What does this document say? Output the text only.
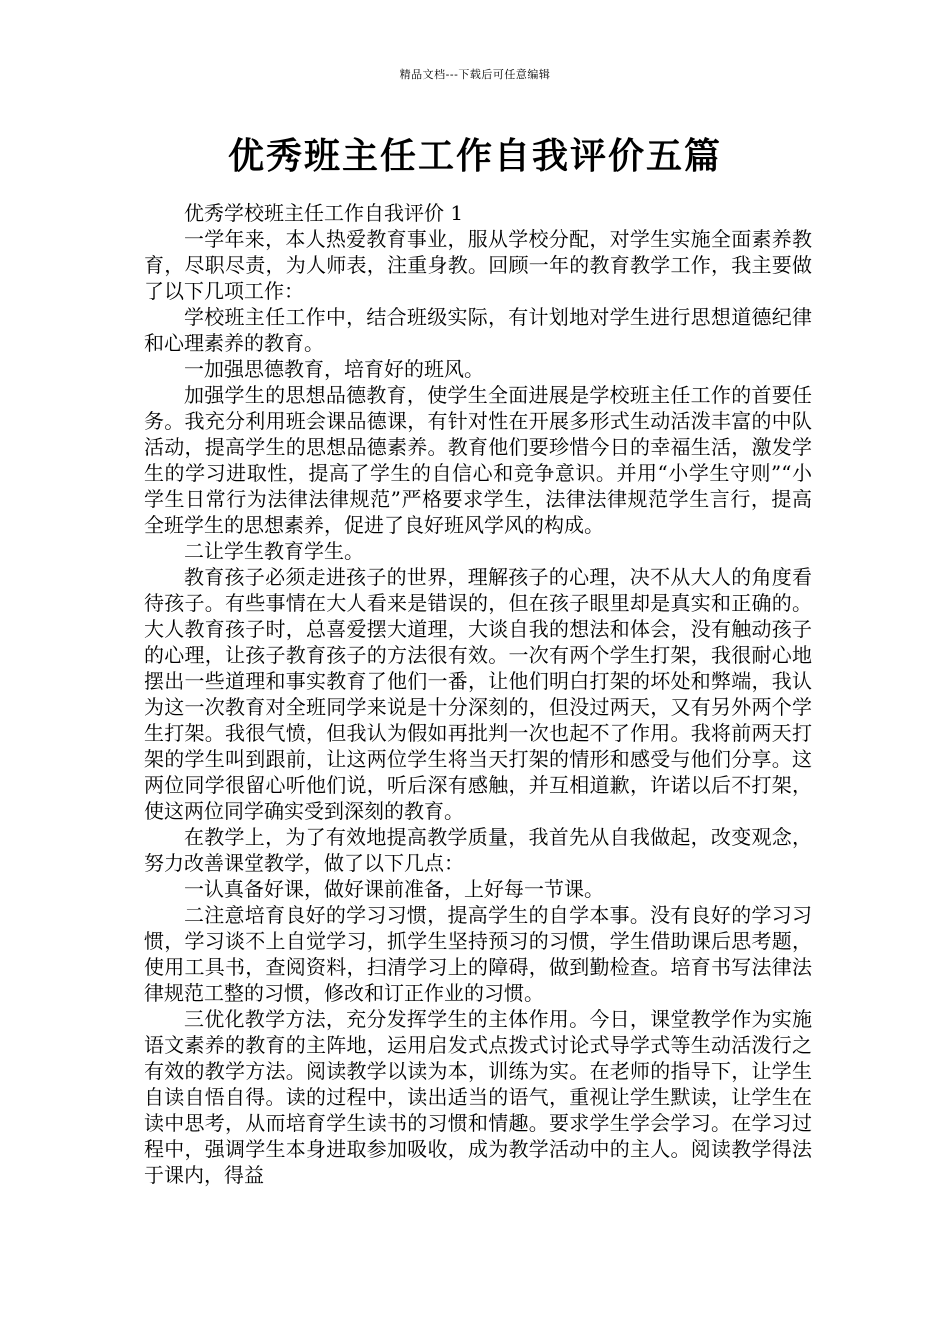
精品文档---下载后可任意编辑
优秀班主任工作自我评价五篇

优秀学校班主任工作自我评价 1

一学年来，本人热爱教育事业，服从学校分配，对学生实施全面素养教育，尽职尽责，为人师表，注重身教。回顾一年的教育教学工作，我主要做了以下几项工作：

学校班主任工作中，结合班级实际，有计划地对学生进行思想道德纪律和心理素养的教育。

一加强思德教育，培育好的班风。

加强学生的思想品德教育，使学生全面进展是学校班主任工作的首要任务。我充分利用班会课品德课，有针对性在开展多形式生动活泼丰富的中队活动，提高学生的思想品德素养。教育他们要珍惜今日的幸福生活，激发学生的学习进取性，提高了学生的自信心和竞争意识。并用“小学生守则”“小学生日常行为法律法律规范”严格要求学生，法律法律规范学生言行，提高全班学生的思想素养，促进了良好班风学风的构成。

二让学生教育学生。

教育孩子必须走进孩子的世界，理解孩子的心理，决不从大人的角度看待孩子。有些事情在大人看来是错误的，但在孩子眼里却是真实和正确的。大人教育孩子时，总喜爱摆大道理，大谈自我的想法和体会，没有触动孩子的心理，让孩子教育孩子的方法很有效。一次有两个学生打架，我很耐心地摆出一些道理和事实教育了他们一番，让他们明白打架的坏处和弊端，我认为这一次教育对全班同学来说是十分深刻的，但没过两天，又有另外两个学生打架。我很气愤，但我认为假如再批判一次也起不了作用。我将前两天打架的学生叫到跟前，让这两位学生将当天打架的情形和感受与他们分享。这两位同学很留心听他们说，听后深有感触，并互相道歉，许诺以后不打架，使这两位同学确实受到深刻的教育。

在教学上，为了有效地提高教学质量，我首先从自我做起，改变观念，努力改善课堂教学，做了以下几点：

一认真备好课，做好课前准备，上好每一节课。

二注意培育良好的学习习惯，提高学生的自学本事。没有良好的学习习惯，学习谈不上自觉学习，抓学生坚持预习的习惯，学生借助课后思考题，使用工具书，查阅资料，扫清学习上的障碍，做到勤检查。培育书写法律法律规范工整的习惯，修改和订正作业的习惯。

三优化教学方法，充分发挥学生的主体作用。今日，课堂教学作为实施语文素养的教育的主阵地，运用启发式点拨式讨论式导学式等生动活泼行之有效的教学方法。阅读教学以读为本，训练为实。在老师的指导下，让学生自读自悟自得。读的过程中，读出适当的语气，重视让学生默读，让学生在读中思考，从而培育学生读书的习惯和情趣。要求学生学会学习。在学习过程中，强调学生本身进取参加吸收，成为教学活动中的主人。阅读教学得法于课内，得益
